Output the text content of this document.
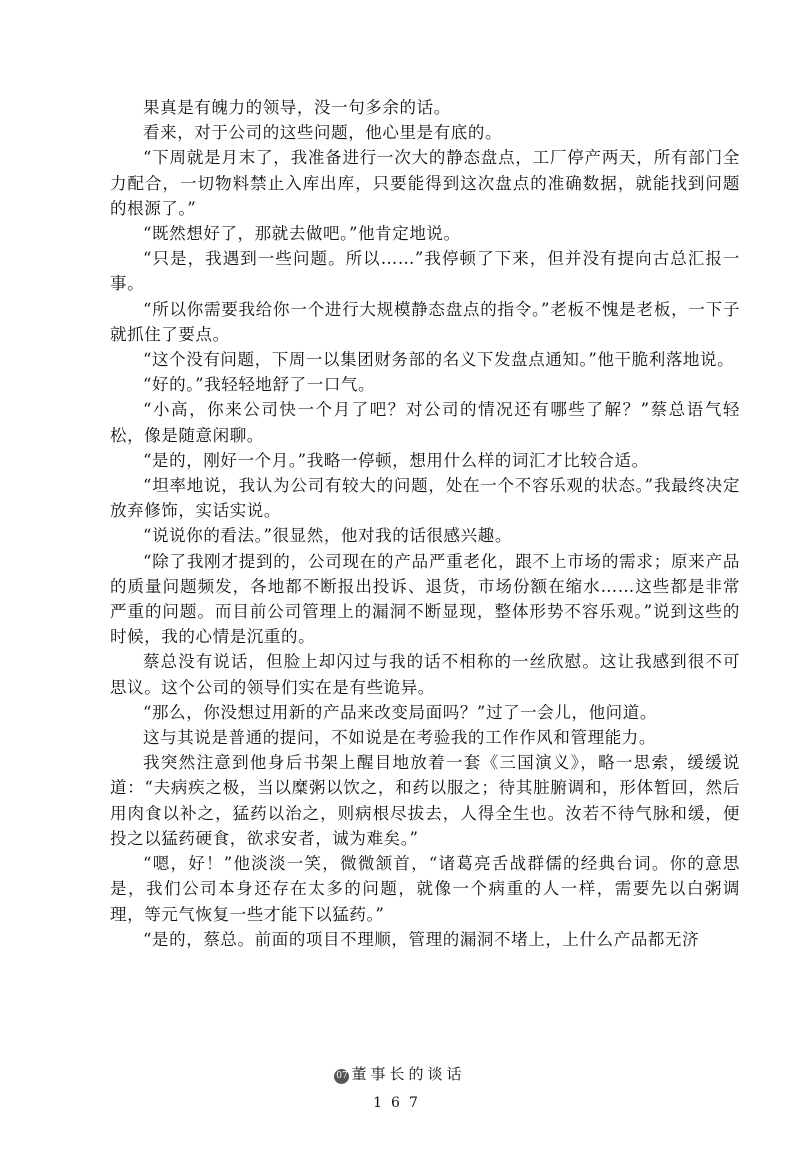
果真是有魄力的领导，没一句多余的话。

看来，对于公司的这些问题，他心里是有底的。

“下周就是月末了，我准备进行一次大的静态盘点，工厂停产两天，所有部门全力配合，一切物料禁止入库出库，只要能得到这次盘点的准确数据，就能找到问题的根源了。”

“既然想好了，那就去做吧。”他肯定地说。

“只是，我遇到一些问题。所以……”我停顿了下来，但并没有提向古总汇报一事。

“所以你需要我给你一个进行大规模静态盘点的指令。”老板不愧是老板，一下子就抓住了要点。

“这个没有问题，下周一以集团财务部的名义下发盘点通知。”他干脆利落地说。

“好的。”我轻轻地舒了一口气。

“小高，你来公司快一个月了吧？对公司的情况还有哪些了解？”蔡总语气轻松，像是随意闲聊。

“是的，刚好一个月。”我略一停顿，想用什么样的词汇才比较合适。

“坦率地说，我认为公司有较大的问题，处在一个不容乐观的状态。”我最终决定放弃修饰，实话实说。

“说说你的看法。”很显然，他对我的话很感兴趣。

“除了我刚才提到的，公司现在的产品严重老化，跟不上市场的需求；原来产品的质量问题频发，各地都不断报出投诉、退货，市场份额在缩水……这些都是非常严重的问题。而目前公司管理上的漏洞不断显现，整体形势不容乐观。”说到这些的时候，我的心情是沉重的。

蔡总没有说话，但脸上却闪过与我的话不相称的一丝欣慰。这让我感到很不可思议。这个公司的领导们实在是有些诡异。

“那么，你没想过用新的产品来改变局面吗？”过了一会儿，他问道。

这与其说是普通的提问，不如说是在考验我的工作作风和管理能力。

我突然注意到他身后书架上醒目地放着一套《三国演义》，略一思索，缓缓说道：“夫病疾之极，当以糜粥以饮之，和药以服之；待其脏腑调和，形体暂回，然后用肉食以补之，猛药以治之，则病根尽拔去，人得全生也。汝若不待气脉和缓，便投之以猛药硬食，欲求安者，诚为难矣。”

“嗯，好！”他淡淡一笑，微微颔首，“诸葛亮舌战群儒的经典台词。你的意思是，我们公司本身还存在太多的问题，就像一个病重的人一样，需要先以白粥调理，等元气恢复一些才能下以猛药。”

“是的，蔡总。前面的项目不理顺，管理的漏洞不堵上，上什么产品都无济

07 董事长的谈话
167
